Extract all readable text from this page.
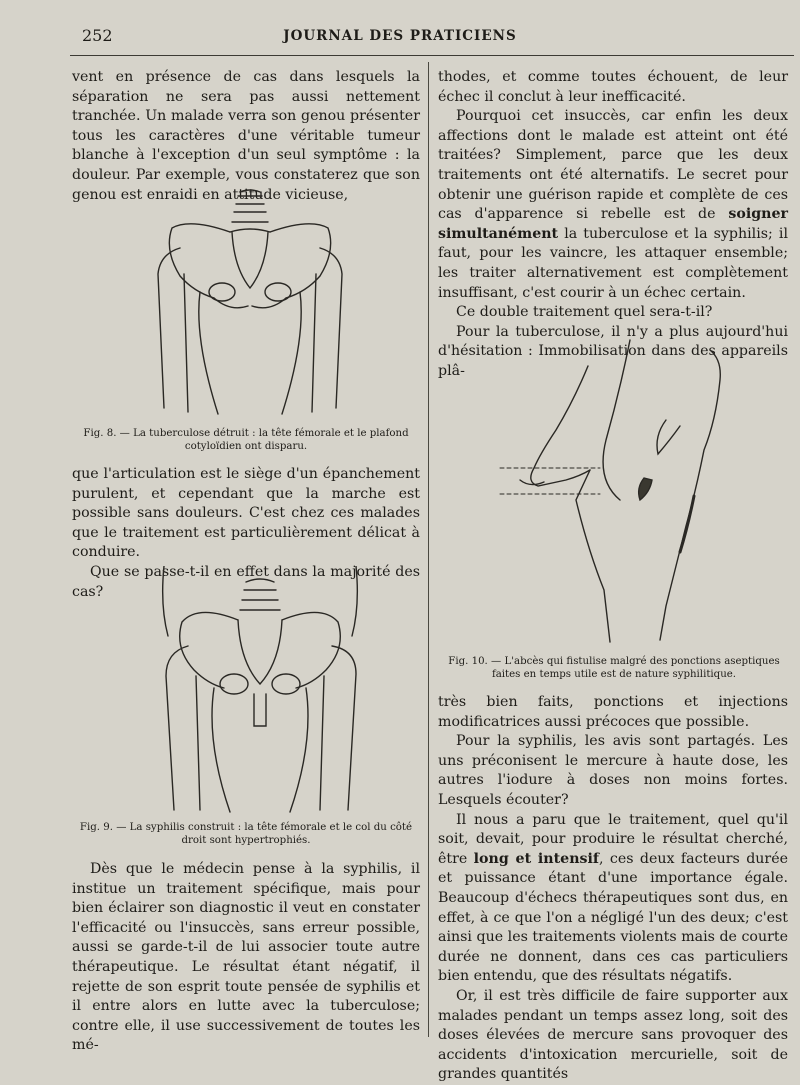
252	JOURNAL DES PRATICIENS

vent en présence de cas dans lesquels la séparation ne sera pas aussi nettement tranchée. Un malade verra son genou présenter tous les caractères d'une véritable tumeur blanche à l'exception d'un seul symptôme : la douleur. Par exemple, vous constaterez que son genou est enraidi en attitude vicieuse,

Fig. 8. — La tuberculose détruit : la tête fémorale et le plafond cotyloïdien ont disparu.

que l'articulation est le siège d'un épanchement purulent, et cependant que la marche est possible sans douleurs. C'est chez ces malades que le traitement est particulièrement délicat à conduire.

Que se passe-t-il en effet dans la majorité des cas?

Fig. 9. — La syphilis construit : la tête fémorale et le col du côté droit sont hypertrophiés.

Dès que le médecin pense à la syphilis, il institue un traitement spécifique, mais pour bien éclairer son diagnostic il veut en constater l'efficacité ou l'insuccès, sans erreur possible, aussi se garde-t-il de lui associer toute autre thérapeutique. Le résultat étant négatif, il rejette de son esprit toute pensée de syphilis et il entre alors en lutte avec la tuberculose; contre elle, il use successivement de toutes les mé-

thodes, et comme toutes échouent, de leur échec il conclut à leur inefficacité.

Pourquoi cet insuccès, car enfin les deux affections dont le malade est atteint ont été traitées? Simplement, parce que les deux traitements ont été alternatifs. Le secret pour obtenir une guérison rapide et complète de ces cas d'apparence si rebelle est de soigner simultanément la tuberculose et la syphilis; il faut, pour les vaincre, les attaquer ensemble; les traiter alternativement est complètement insuffisant, c'est courir à un échec certain.

Ce double traitement quel sera-t-il?

Pour la tuberculose, il n'y a plus aujourd'hui d'hésitation : Immobilisation dans des appareils plâ-

Fig. 10. — L'abcès qui fistulise malgré des ponctions aseptiques faites en temps utile est de nature syphilitique.

très bien faits, ponctions et injections modificatrices aussi précoces que possible.

Pour la syphilis, les avis sont partagés. Les uns préconisent le mercure à haute dose, les autres l'iodure à doses non moins fortes. Lesquels écouter?

Il nous a paru que le traitement, quel qu'il soit, devait, pour produire le résultat cherché, être long et intensif, ces deux facteurs durée et puissance étant d'une importance égale. Beaucoup d'échecs thérapeutiques sont dus, en effet, à ce que l'on a négligé l'un des deux; c'est ainsi que les traitements violents mais de courte durée ne donnent, dans ces cas particuliers bien entendu, que des résultats négatifs.

Or, il est très difficile de faire supporter aux malades pendant un temps assez long, soit des doses élevées de mercure sans provoquer des accidents d'intoxication mercurielle, soit de grandes quantités
